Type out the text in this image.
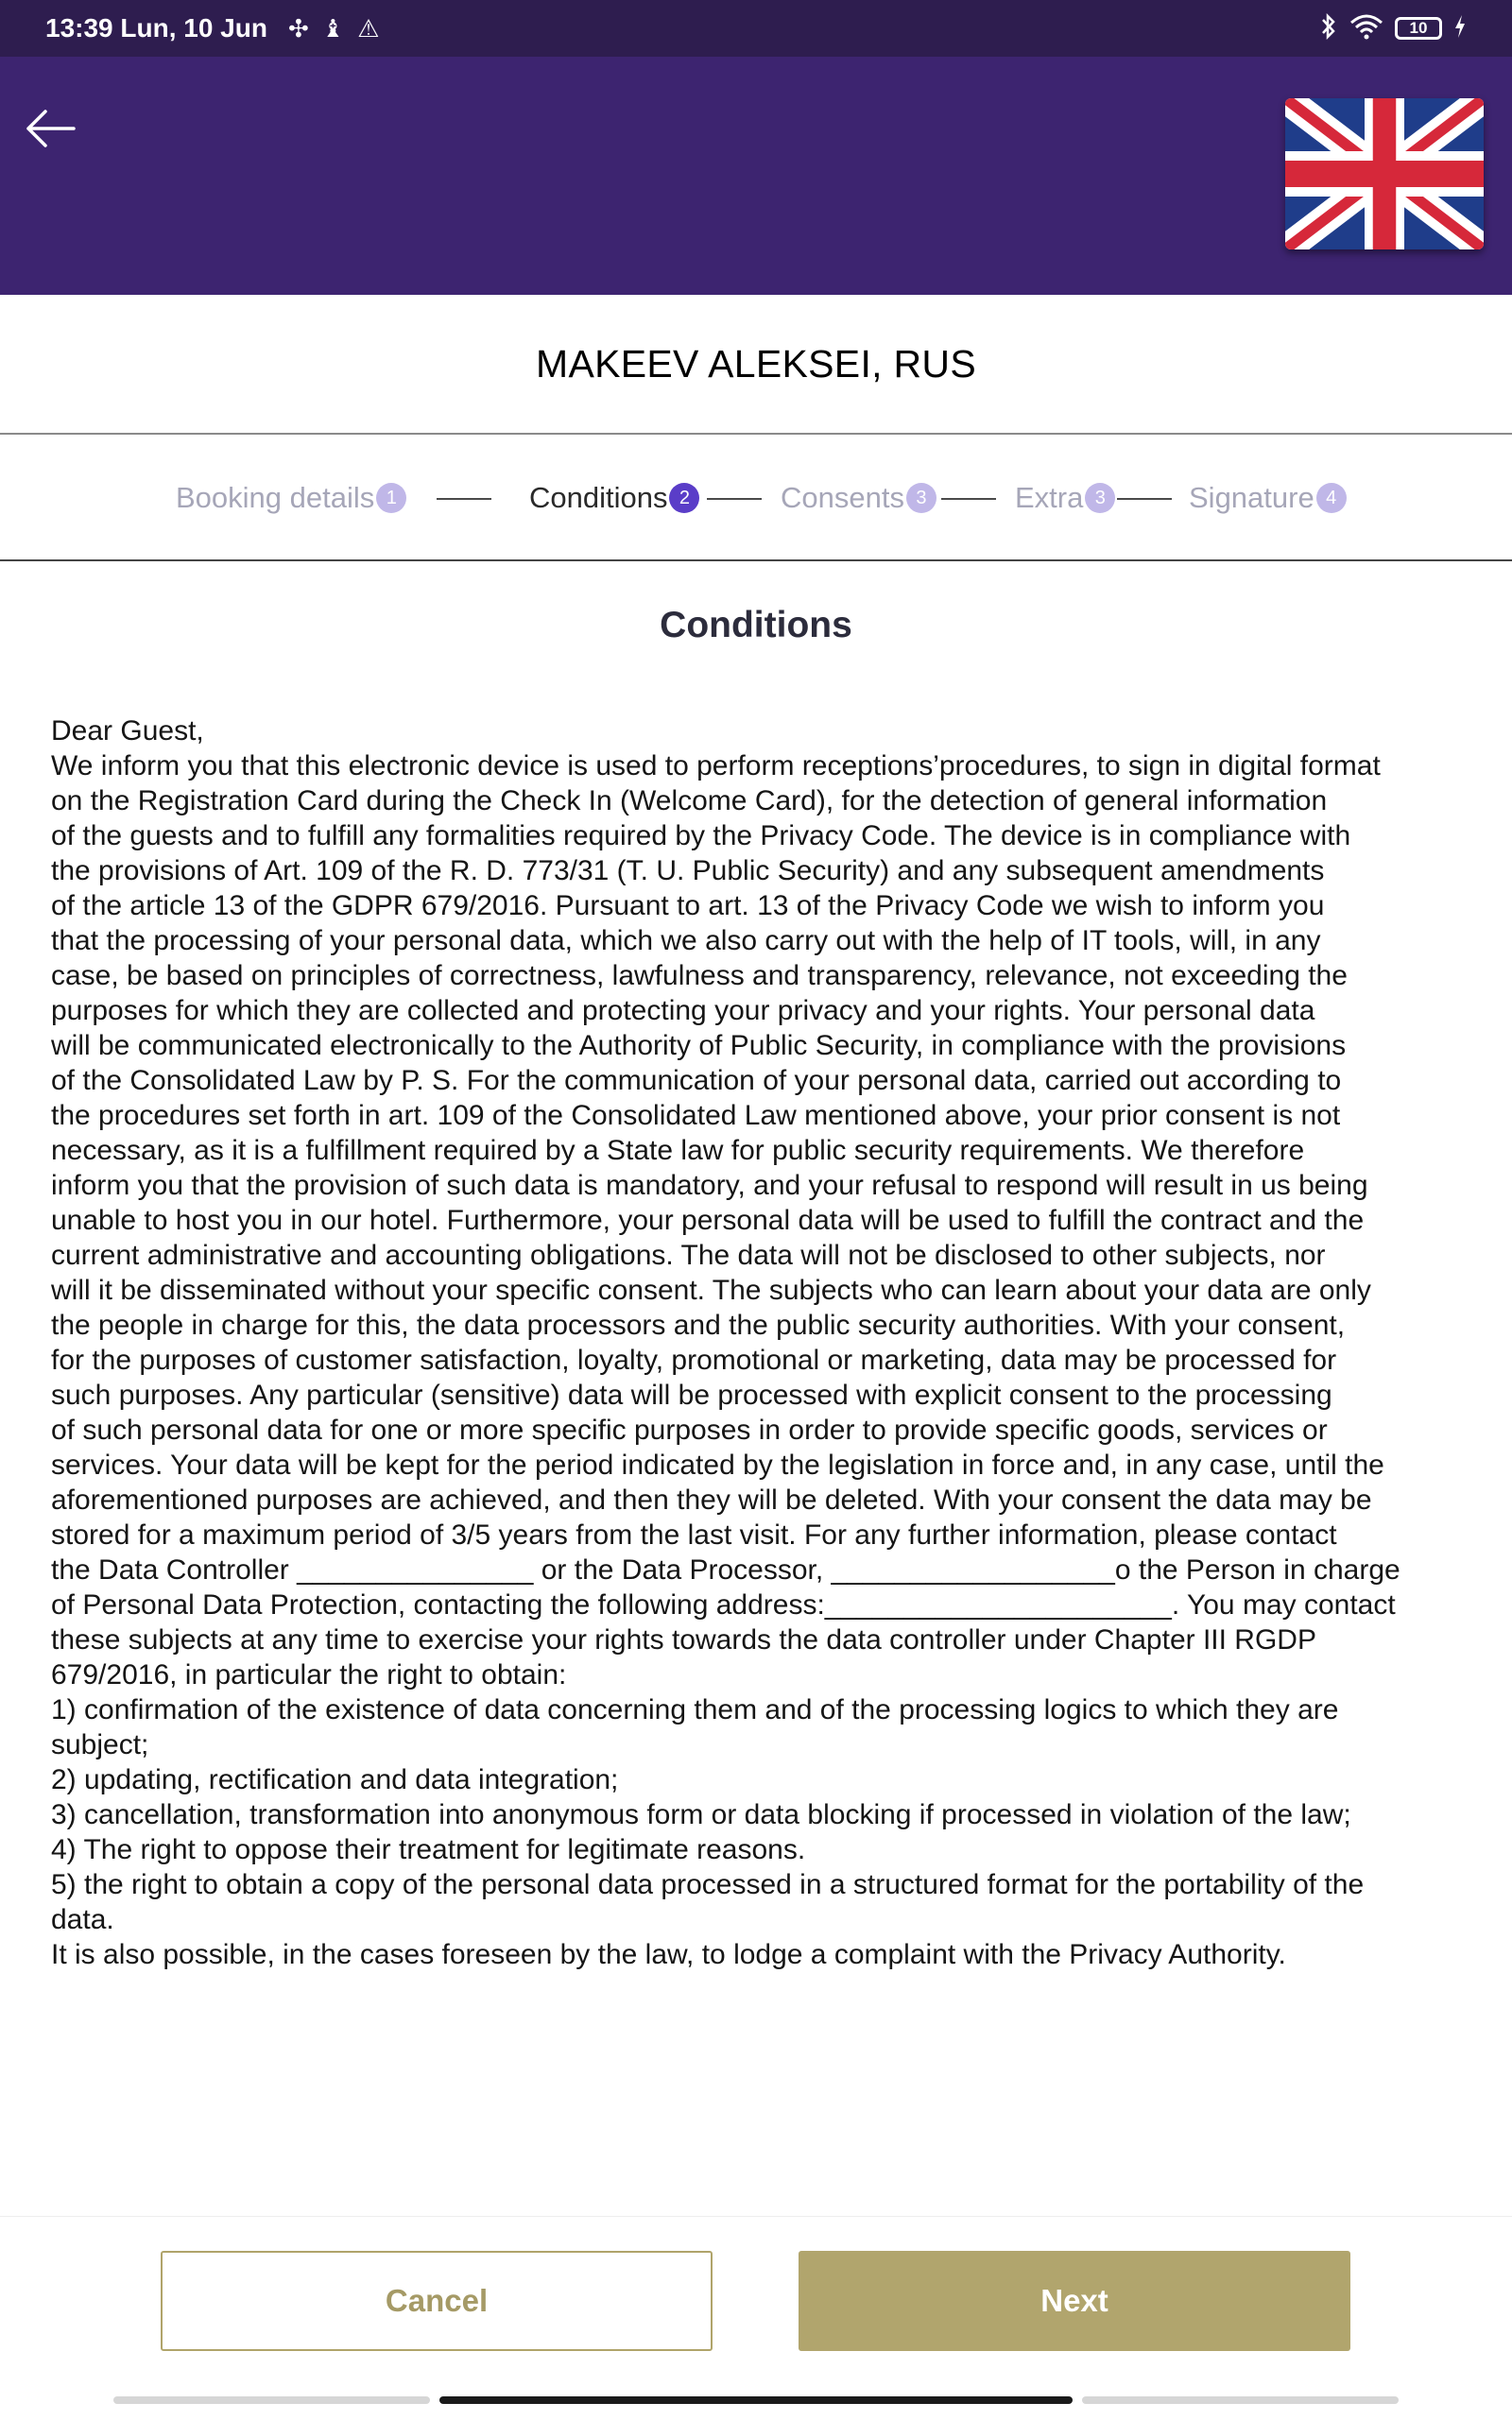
13:39 Lun, 10 Jun ✣ ♝ ⚠	10
MAKEEV ALEKSEI, RUS
Booking details 1	Conditions 2	Consents 3	Extra 3	Signature 4
Conditions

Dear Guest,

We inform you that this electronic device is used to perform receptions’procedures, to sign in digital format

on the Registration Card during the Check In (Welcome Card), for the detection of general information

of the guests and to fulfill any formalities required by the Privacy Code. The device is in compliance with

the provisions of Art. 109 of the R. D. 773/31 (T. U. Public Security) and any subsequent amendments

of the article 13 of the GDPR 679/2016. Pursuant to art. 13 of the Privacy Code we wish to inform you

that the processing of your personal data, which we also carry out with the help of IT tools, will, in any

case, be based on principles of correctness, lawfulness and transparency, relevance, not exceeding the

purposes for which they are collected and protecting your privacy and your rights. Your personal data

will be communicated electronically to the Authority of Public Security, in compliance with the provisions

of the Consolidated Law by P. S. For the communication of your personal data, carried out according to

the procedures set forth in art. 109 of the Consolidated Law mentioned above, your prior consent is not

necessary, as it is a fulfillment required by a State law for public security requirements. We therefore

inform you that the provision of such data is mandatory, and your refusal to respond will result in us being

unable to host you in our hotel. Furthermore, your personal data will be used to fulfill the contract and the

current administrative and accounting obligations. The data will not be disclosed to other subjects, nor

will it be disseminated without your specific consent. The subjects who can learn about your data are only

the people in charge for this, the data processors and the public security authorities. With your consent,

for the purposes of customer satisfaction, loyalty, promotional or marketing, data may be processed for

such purposes. Any particular (sensitive) data will be processed with explicit consent to the processing

of such personal data for one or more specific purposes in order to provide specific goods, services or

services. Your data will be kept for the period indicated by the legislation in force and, in any case, until the

aforementioned purposes are achieved, and then they will be deleted. With your consent the data may be

stored for a maximum period of 3/5 years from the last visit. For any further information, please contact

the Data Controller _______________ or the Data Processor, __________________o the Person in charge

of Personal Data Protection, contacting the following address:______________________. You may contact

these subjects at any time to exercise your rights towards the data controller under Chapter III RGDP

679/2016, in particular the right to obtain:

1) confirmation of the existence of data concerning them and of the processing logics to which they are

subject;

2) updating, rectification and data integration;

3) cancellation, transformation into anonymous form or data blocking if processed in violation of the law;

4) The right to oppose their treatment for legitimate reasons.

5) the right to obtain a copy of the personal data processed in a structured format for the portability of the

data.

It is also possible, in the cases foreseen by the law, to lodge a complaint with the Privacy Authority.

Cancel	Next
